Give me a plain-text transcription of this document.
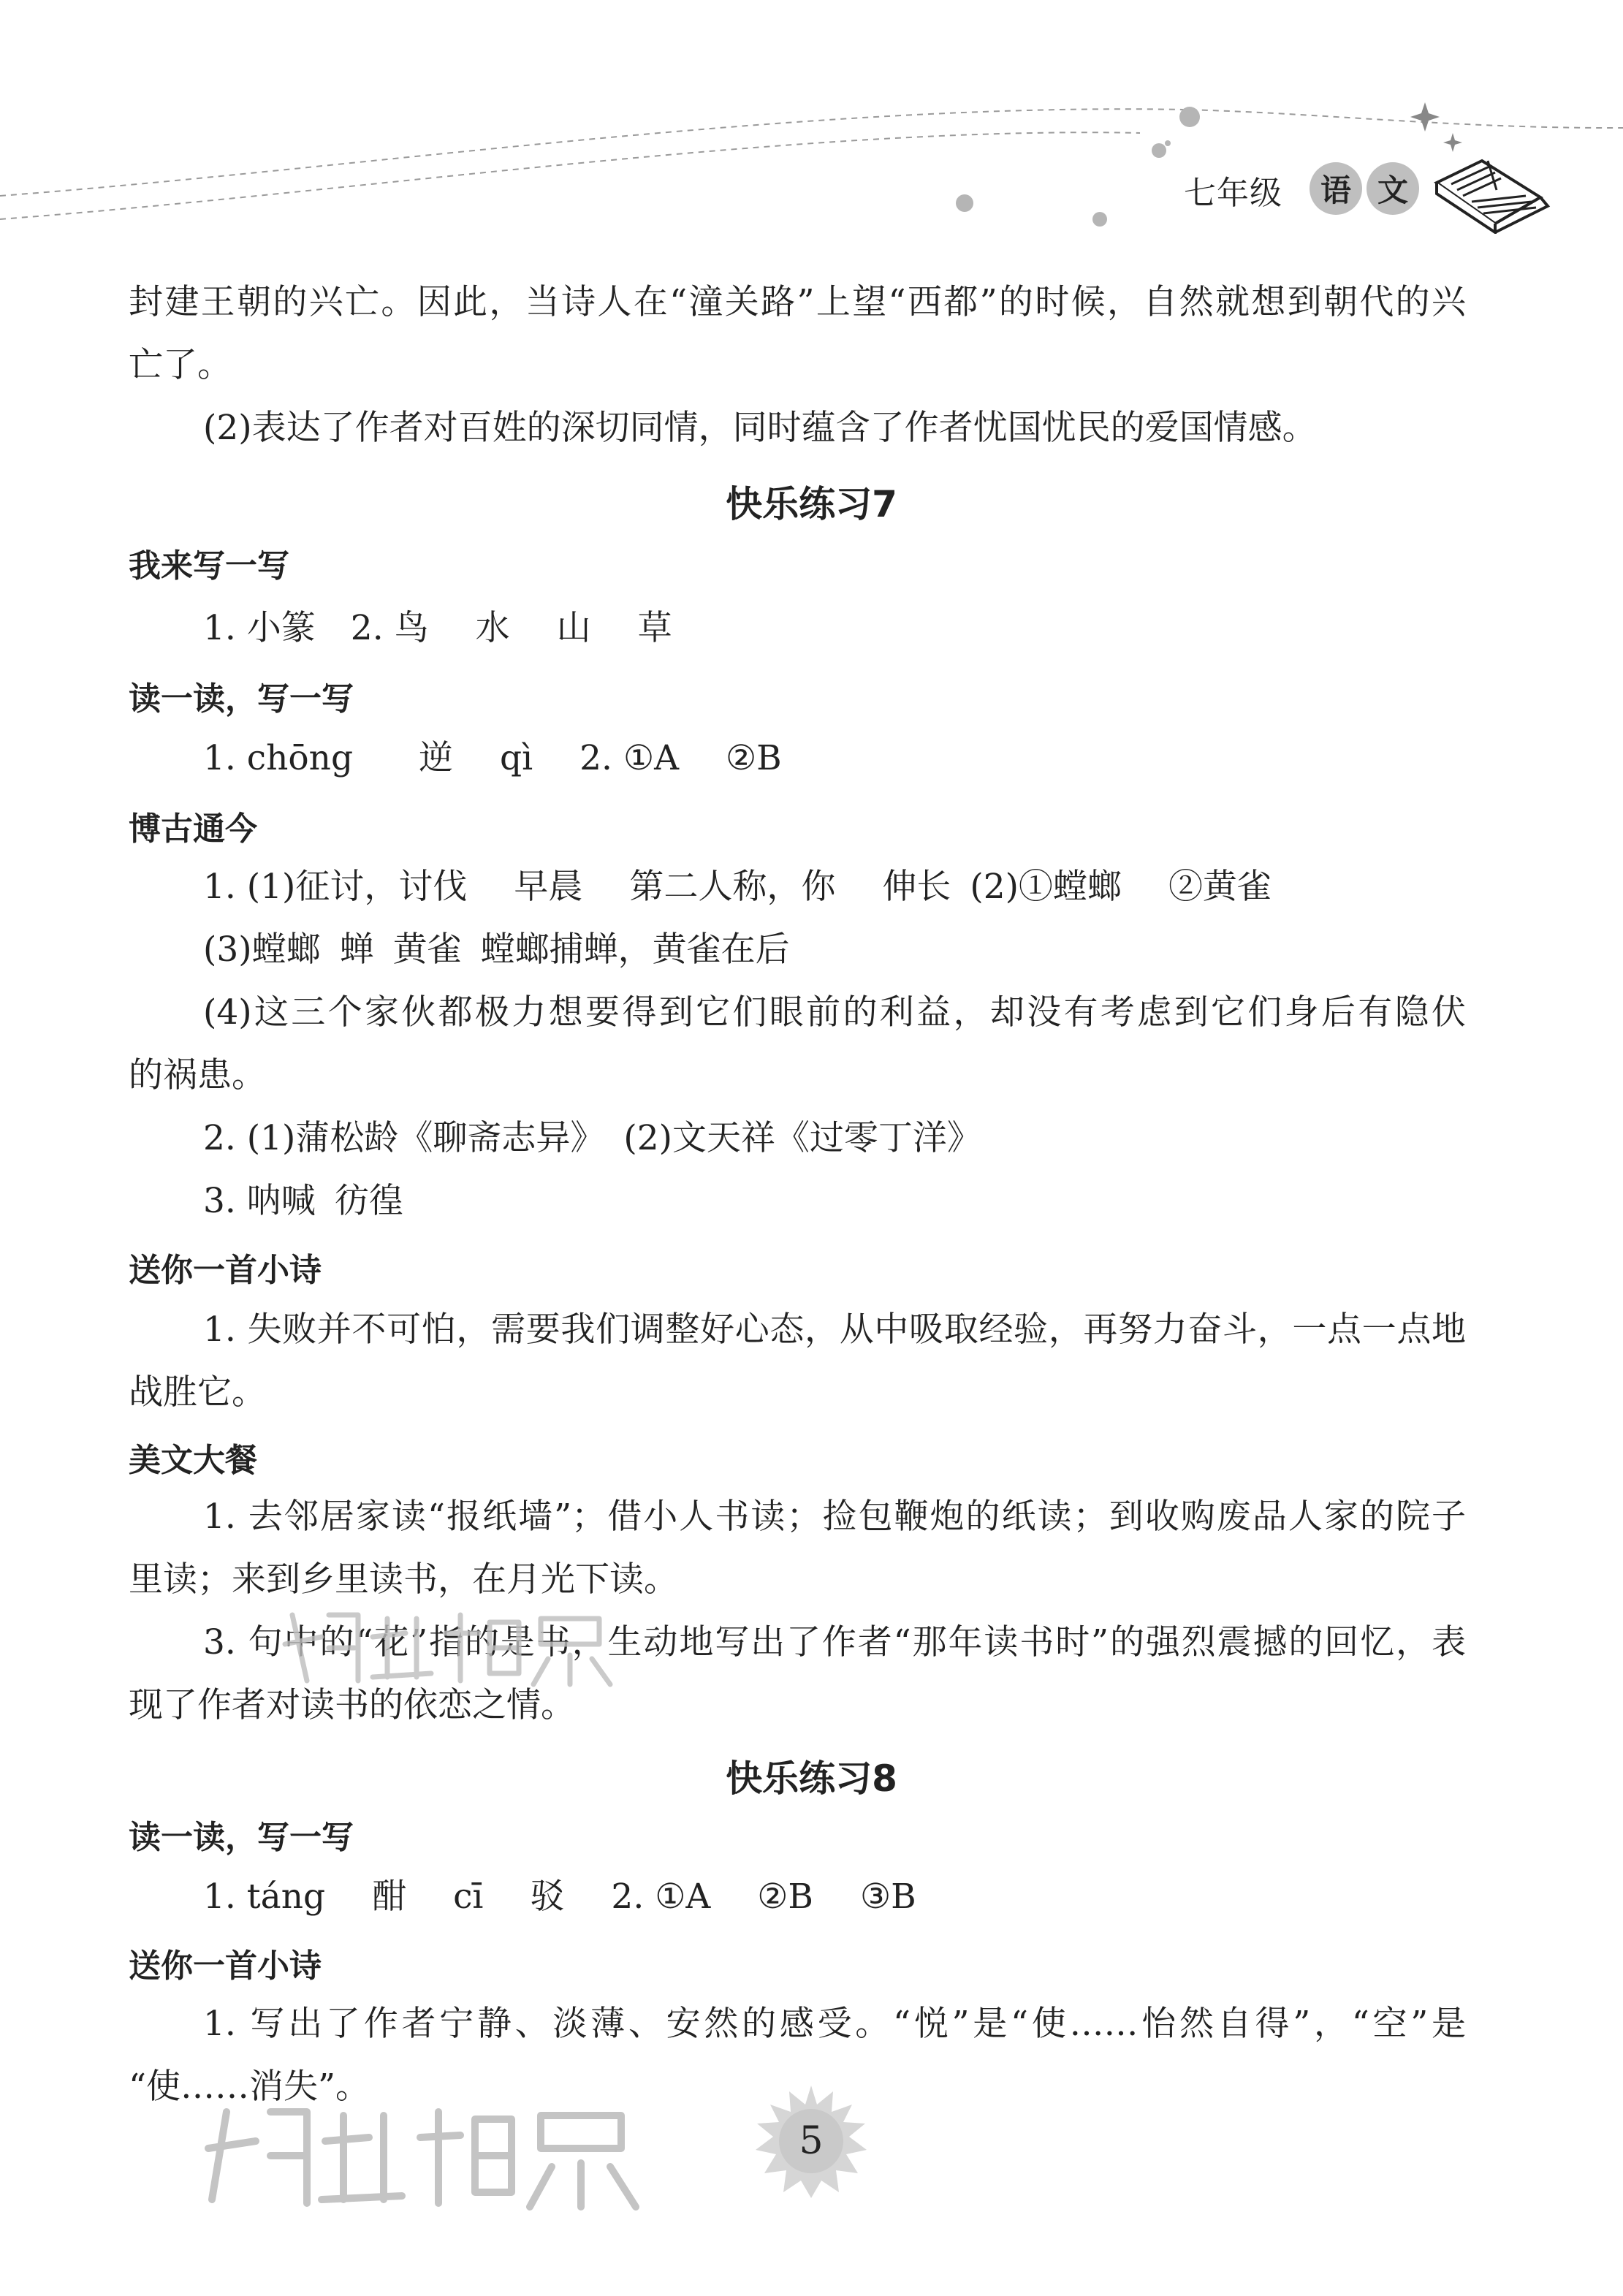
七年级	语 文
封建王朝的兴亡。因此，当诗人在“潼关路”上望“西都”的时候，自然就想到朝代的兴
亡了。
(2)表达了作者对百姓的深切同情，同时蕴含了作者忧国忧民的爱国情感。
快乐练习7
我来写一写
1. 小篆 2. 鸟 水 山 草
读一读，写一写
1. chōng 逆 qì 2. ①A ②B
博古通今
1. (1)征讨，讨伐 早晨 第二人称，你 伸长 (2)①螳螂 ②黄雀
(3)螳螂 蝉 黄雀 螳螂捕蝉，黄雀在后
(4)这三个家伙都极力想要得到它们眼前的利益，却没有考虑到它们身后有隐伏
的祸患。
2. (1)蒲松龄《聊斋志异》 (2)文天祥《过零丁洋》
3. 呐喊 彷徨
送你一首小诗
1. 失败并不可怕，需要我们调整好心态，从中吸取经验，再努力奋斗，一点一点地
战胜它。
美文大餐
1. 去邻居家读“报纸墙”；借小人书读；捡包鞭炮的纸读；到收购废品人家的院子
里读；来到乡里读书，在月光下读。
3. 句中的“花”指的是书，生动地写出了作者“那年读书时”的强烈震撼的回忆，表
现了作者对读书的依恋之情。
快乐练习8
读一读，写一写
1. táng 酣 cī 驳 2. ①A ②B ③B
送你一首小诗
1. 写出了作者宁静、淡薄、安然的感受。“悦”是“使……怡然自得”，“空”是
“使……消失”。
5
